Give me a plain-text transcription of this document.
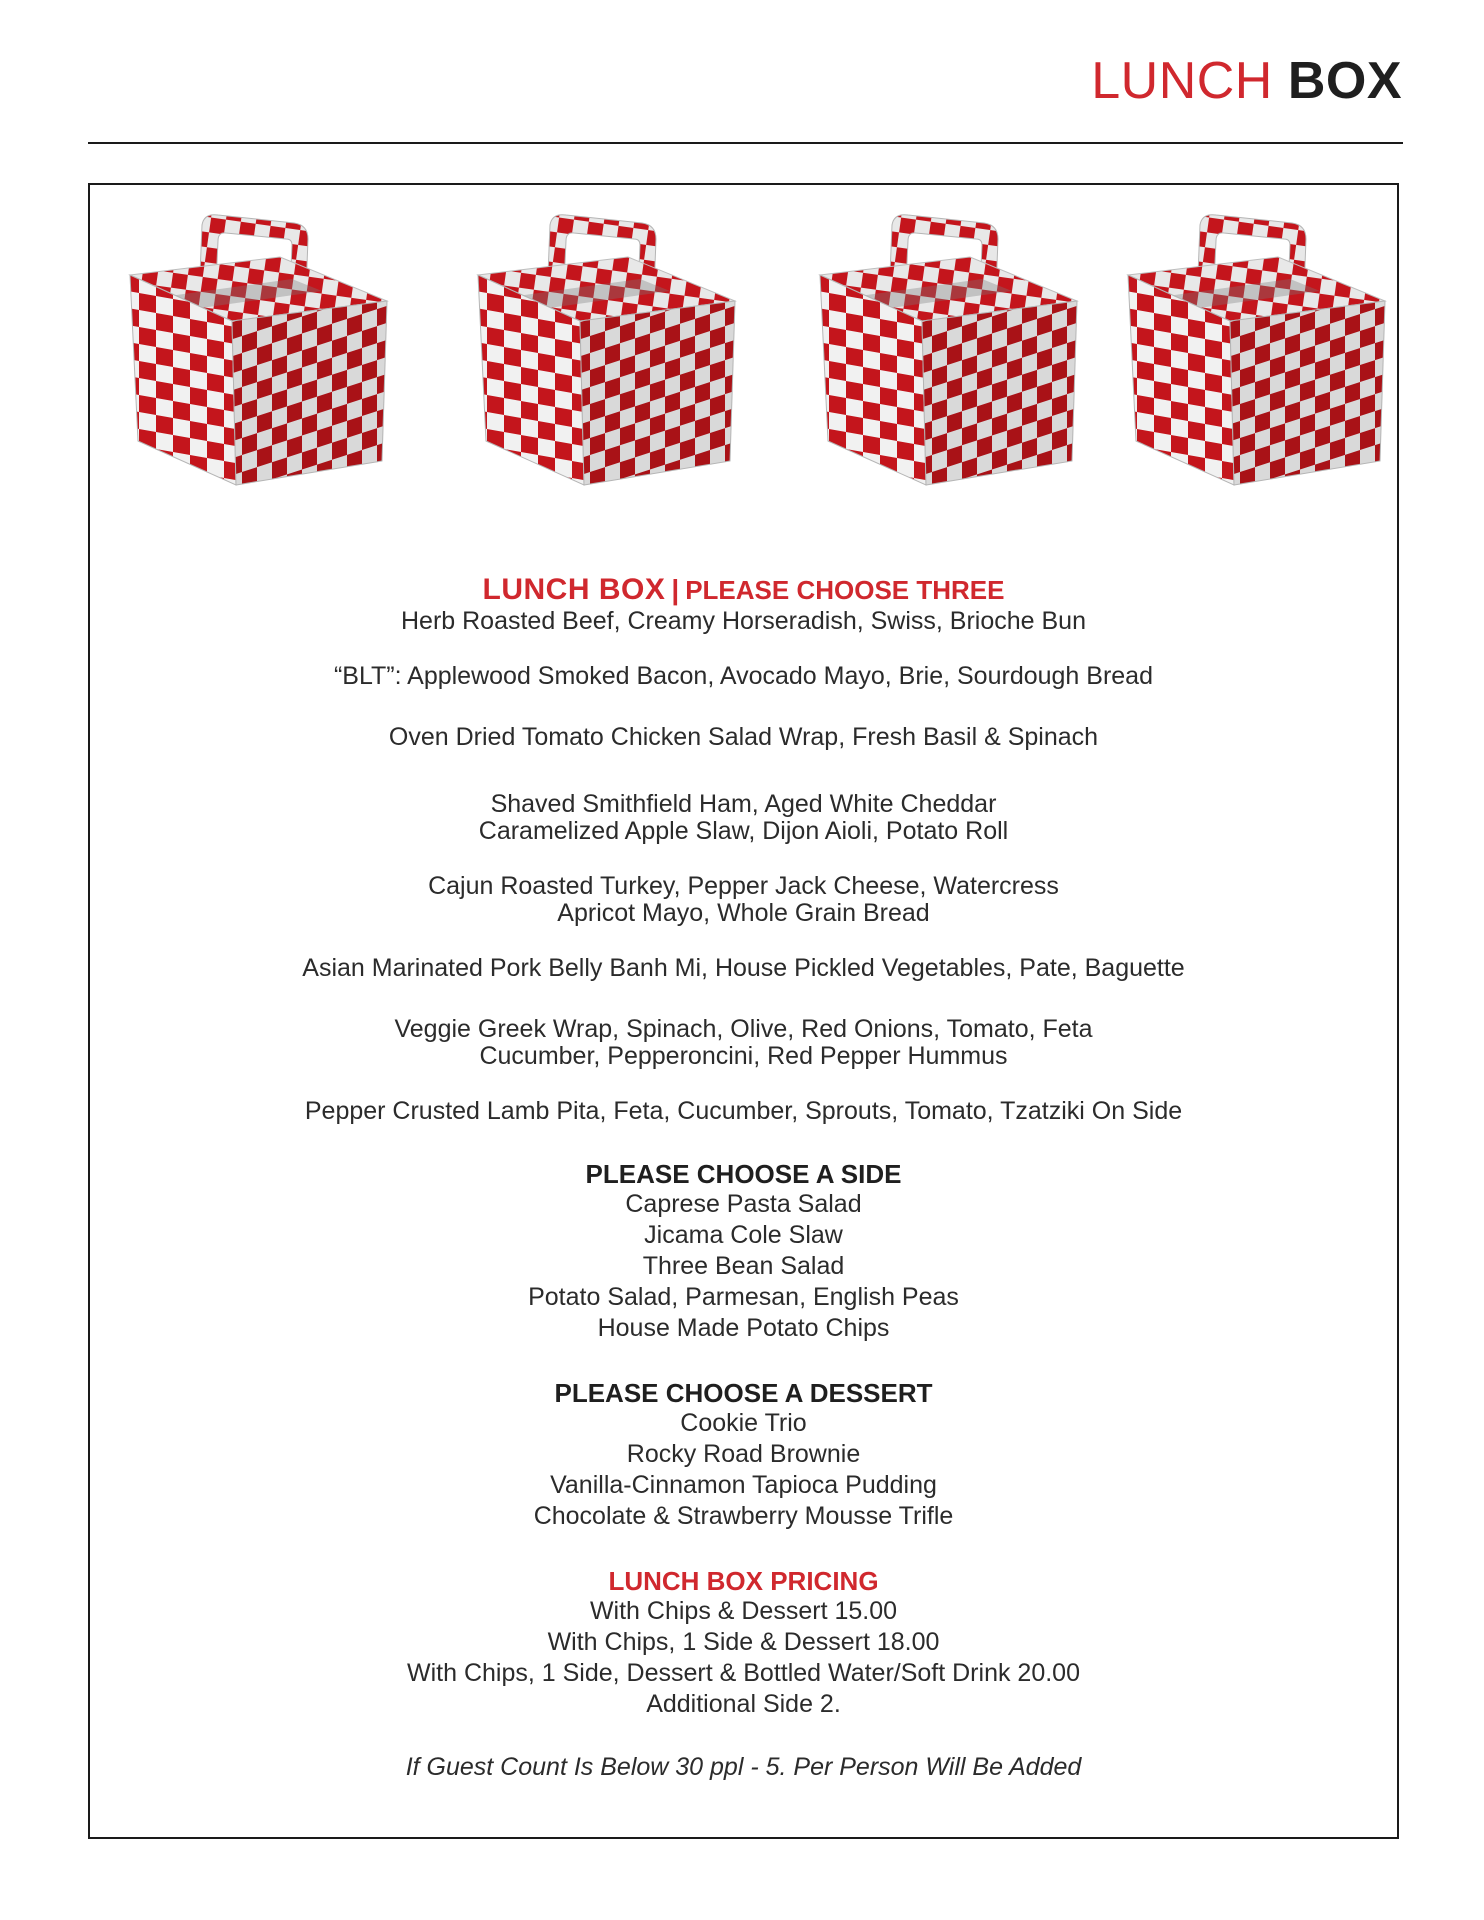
LUNCH BOX
LUNCH BOX | PLEASE CHOOSE THREE
Herb Roasted Beef, Creamy Horseradish, Swiss, Brioche Bun
“BLT”: Applewood Smoked Bacon, Avocado Mayo, Brie, Sourdough Bread
Oven Dried Tomato Chicken Salad Wrap, Fresh Basil & Spinach
Shaved Smithfield Ham, Aged White Cheddar
Caramelized Apple Slaw, Dijon Aioli, Potato Roll
Cajun Roasted Turkey, Pepper Jack Cheese, Watercress
Apricot Mayo, Whole Grain Bread
Asian Marinated Pork Belly Banh Mi, House Pickled Vegetables, Pate, Baguette
Veggie Greek Wrap, Spinach, Olive, Red Onions, Tomato, Feta
Cucumber, Pepperoncini, Red Pepper Hummus
Pepper Crusted Lamb Pita, Feta, Cucumber, Sprouts, Tomato, Tzatziki On Side
PLEASE CHOOSE A SIDE
Caprese Pasta Salad
Jicama Cole Slaw
Three Bean Salad
Potato Salad, Parmesan, English Peas
House Made Potato Chips
PLEASE CHOOSE A DESSERT
Cookie Trio
Rocky Road Brownie
Vanilla-Cinnamon Tapioca Pudding
Chocolate & Strawberry Mousse Trifle
LUNCH BOX PRICING
With Chips & Dessert 15.00
With Chips, 1 Side & Dessert 18.00
With Chips, 1 Side, Dessert & Bottled Water/Soft Drink 20.00
Additional Side 2.
If Guest Count Is Below 30 ppl - 5. Per Person Will Be Added
